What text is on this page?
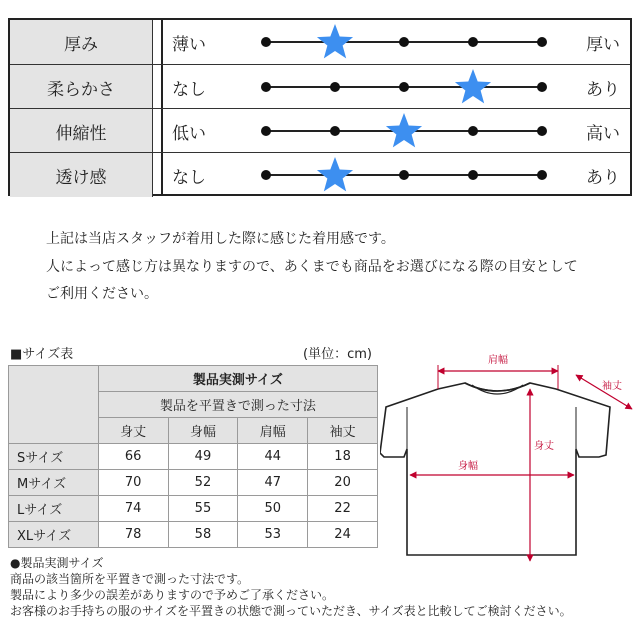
厚み	薄い	厚い
柔らかさ	なし	あり
伸縮性	低い	高い
透け感	なし	あり
上記は当店スタッフが着用した際に感じた着用感です。
人によって感じ方は異なりますので、あくまでも商品をお選びになる際の目安として
ご利用ください。
■サイズ表	(単位：cm)
	製品実測サイズ			
	製品を平置きで測った寸法			
	身丈	身幅	肩幅	袖丈
Sサイズ	66	49	44	18
Mサイズ	70	52	47	20
Lサイズ	74	55	50	22
XLサイズ	78	58	53	24
●製品実測サイズ
商品の該当箇所を平置きで測った寸法です。
製品により多少の誤差がありますので予めご了承ください。
お客様のお手持ちの服のサイズを平置きの状態で測っていただき、サイズ表と比較してご検討ください。
肩幅
袖丈
身丈
身幅
